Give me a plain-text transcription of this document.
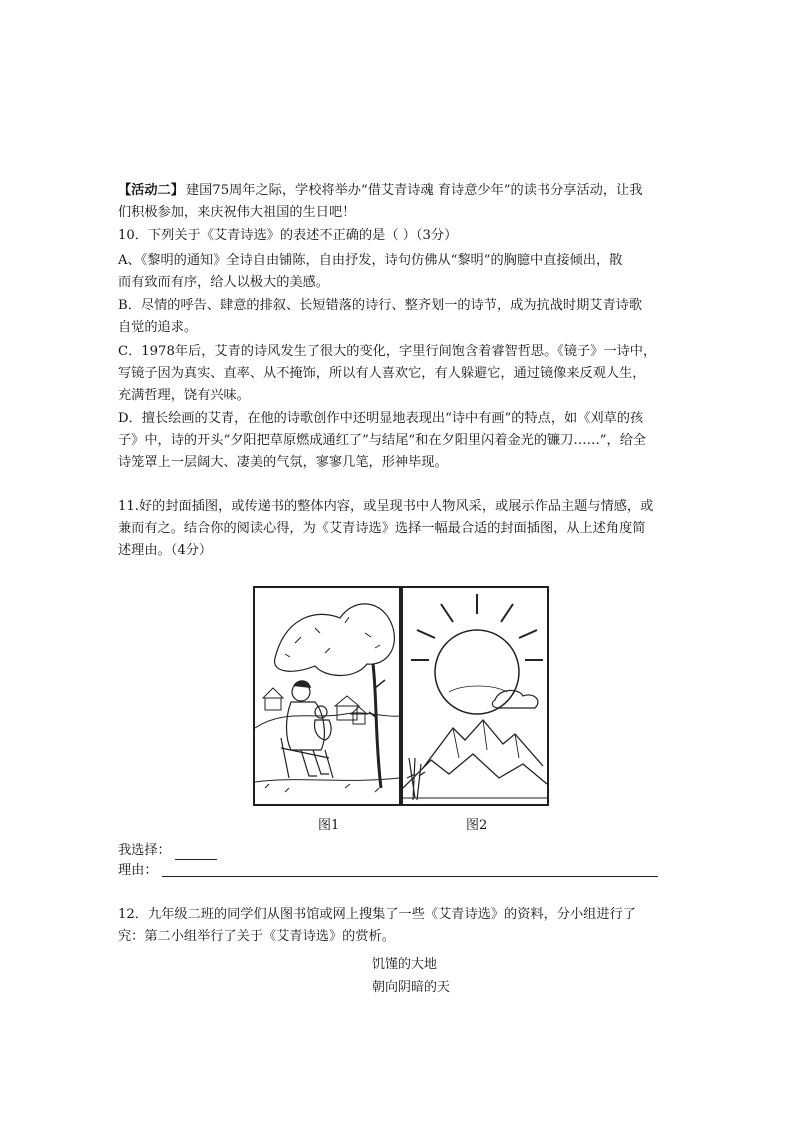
【活动二】 建国75周年之际，学校将举办“借艾青诗魂 育诗意少年”的读书分享活动，让我
们积极参加，来庆祝伟大祖国的生日吧！
10．下列关于《艾青诗选》的表述不正确的是（ ）（3分）
A、《黎明的通知》全诗自由铺陈，自由抒发，诗句仿佛从“黎明”的胸臆中直接倾出，散
而有致而有序，给人以极大的美感。
B．尽情的呼告、肆意的排叙、长短错落的诗行、整齐划一的诗节，成为抗战时期艾青诗歌
自觉的追求。
C．1978年后，艾青的诗风发生了很大的变化，字里行间饱含着睿智哲思。《镜子》一诗中，
写镜子因为真实、直率、从不掩饰，所以有人喜欢它，有人躲避它，通过镜像来反观人生，
充满哲理，饶有兴味。
D．擅长绘画的艾青，在他的诗歌创作中还明显地表现出“诗中有画”的特点，如《刈草的孩
子》中，诗的开头“夕阳把草原燃成通红了”与结尾“和在夕阳里闪着金光的镰刀……”，给全
诗笼罩上一层阔大、凄美的气氛，寥寥几笔，形神毕现。
11.好的封面插图，或传递书的整体内容，或呈现书中人物风采，或展示作品主题与情感，或
兼而有之。结合你的阅读心得，为《艾青诗选》选择一幅最合适的封面插图，从上述角度简
述理由。（4分）
图1	图2
我选择：
理由：
12．九年级二班的同学们从图书馆或网上搜集了一些《艾青诗选》的资料，分小组进行了
究：第二小组举行了关于《艾青诗选》的赏析。
饥馑的大地
朝向阴暗的天
